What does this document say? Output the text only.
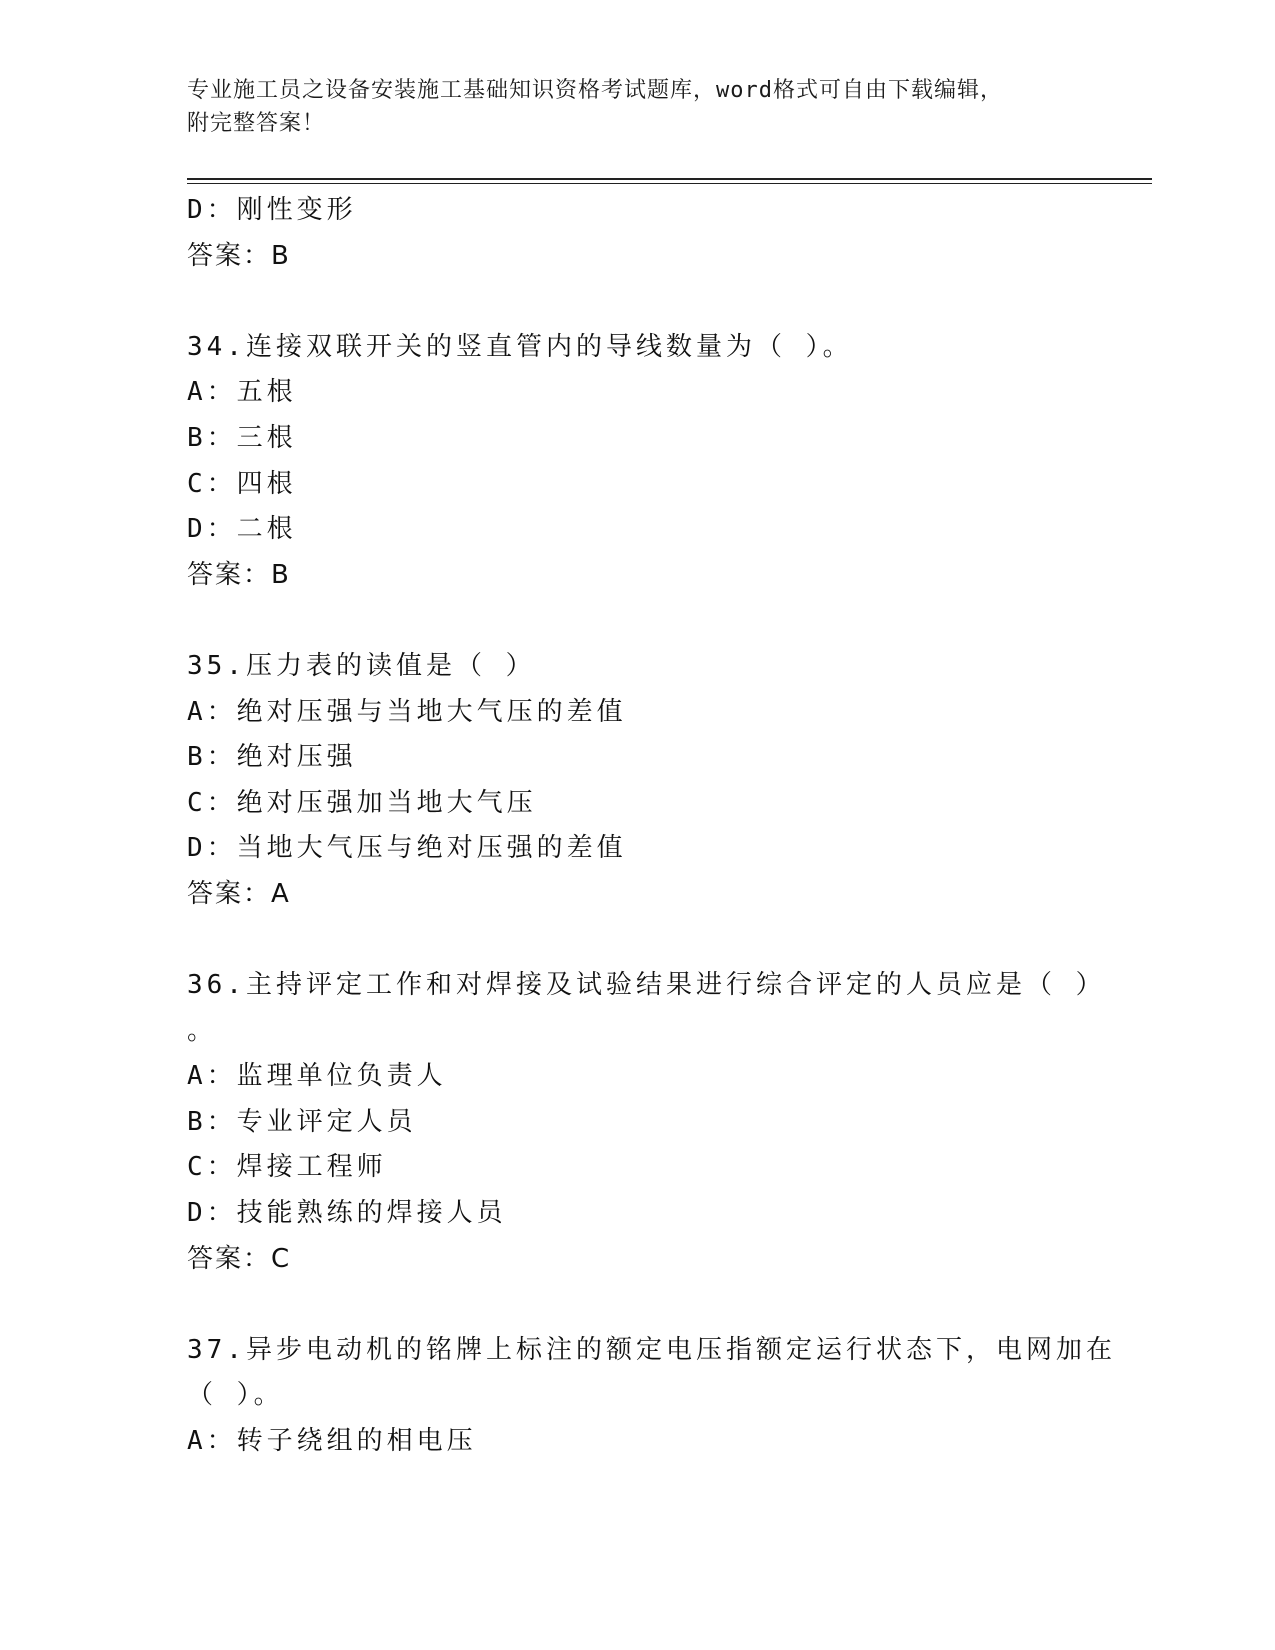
专业施工员之设备安装施工基础知识资格考试题库，word格式可自由下载编辑，
附完整答案！
D：刚性变形
答案：B
34.连接双联开关的竖直管内的导线数量为（ ）。
A：五根
B：三根
C：四根
D：二根
答案：B
35.压力表的读值是（ ）
A：绝对压强与当地大气压的差值
B：绝对压强
C：绝对压强加当地大气压
D：当地大气压与绝对压强的差值
答案：A
36.主持评定工作和对焊接及试验结果进行综合评定的人员应是（ ）
。
A：监理单位负责人
B：专业评定人员
C：焊接工程师
D：技能熟练的焊接人员
答案：C
37.异步电动机的铭牌上标注的额定电压指额定运行状态下，电网加在
（ ）。
A：转子绕组的相电压
